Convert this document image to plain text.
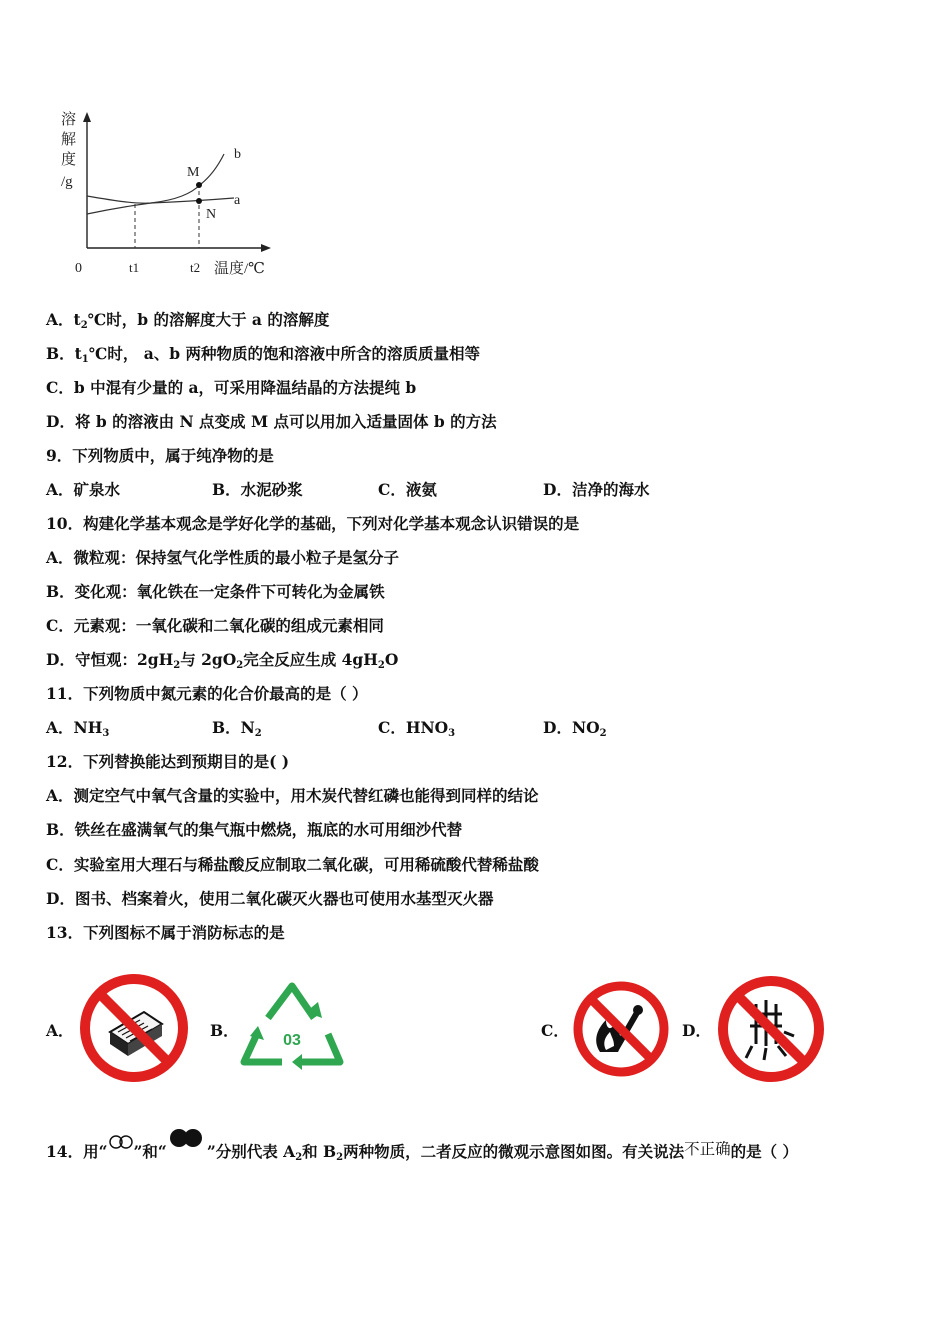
溶
解
度
/g
M
N
b
a
0	t1	t2 温度/℃
A．$t_2℃$时，b 的溶解度大于 a 的溶解度
B．$t_1℃$时， a、b 两种物质的饱和溶液中所含的溶质质量相等
C．b 中混有少量的 a，可采用降温结晶的方法提纯 b
D．将 b 的溶液由 N 点变成 M 点可以用加入适量固体 b 的方法
9．下列物质中，属于纯净物的是
A．矿泉水	B．水泥砂浆	C．液氨	D．洁净的海水
10．构建化学基本观念是学好化学的基础，下列对化学基本观念认识错误的是
A．微粒观：保持氢气化学性质的最小粒子是氢分子
B．变化观：氧化铁在一定条件下可转化为金属铁
C．元素观：一氧化碳和二氧化碳的组成元素相同
D．守恒观：$2gH_2$与 $2gO_2$完全反应生成 $4gH_2O$
11．下列物质中氮元素的化合价最高的是（ ）
A．$NH_3$	B．$N_2$	C．$HNO_3$	D．$NO_2$
12．下列替换能达到预期目的是( )
A．测定空气中氧气含量的实验中，用木炭代替红磷也能得到同样的结论
B．铁丝在盛满氧气的集气瓶中燃烧，瓶底的水可用细沙代替
C．实验室用大理石与稀盐酸反应制取二氧化碳，可用稀硫酸代替稀盐酸
D．图书、档案着火，使用二氧化碳灭火器也可使用水基型灭火器
13．下列图标不属于消防标志的是
A．	B．
03
C．	D．
14．用“ ”和“	”分别代表 $A_2$和 $B_2$两种物质，二者反应的微观示意图如图。有关说法不正确的是（ ）
